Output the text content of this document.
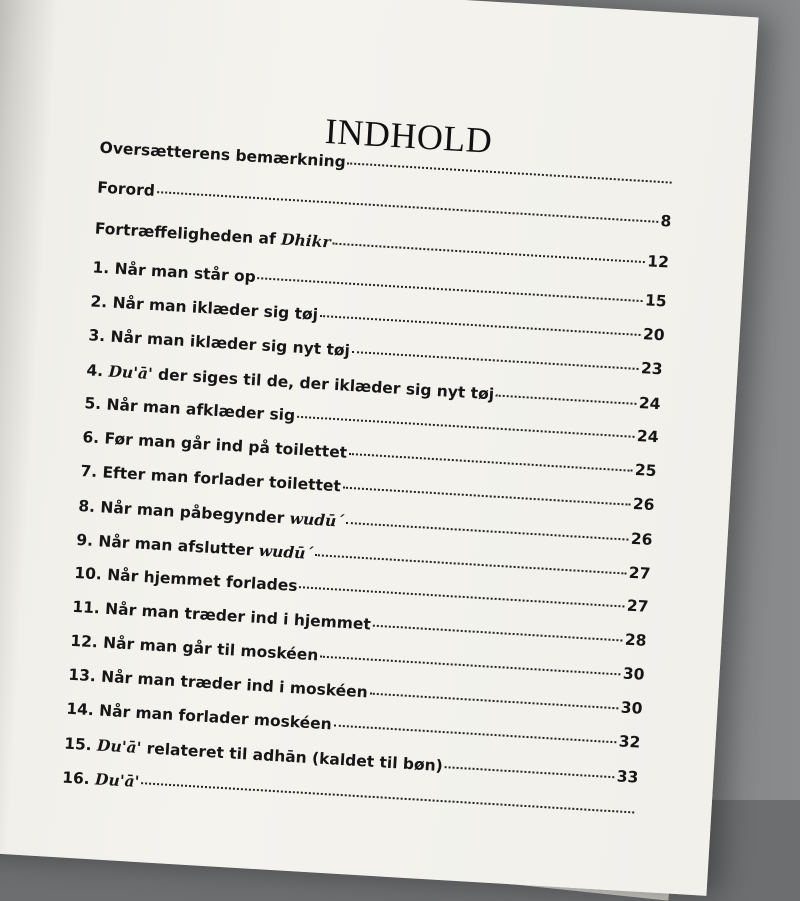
INDHOLD
Oversætterens bemærkning
Forord
8
Fortræffeligheden af Dhikr
12
1. Når man står op
15
2. Når man iklæder sig tøj
20
3. Når man iklæder sig nyt tøj
23
4. Du'ā' der siges til de, der iklæder sig nyt tøj
24
5. Når man afklæder sig
24
6. Før man går ind på toilettet
25
7. Efter man forlader toilettet
26
8. Når man påbegynder wudū´
26
9. Når man afslutter wudū´
27
10. Når hjemmet forlades
27
11. Når man træder ind i hjemmet
28
12. Når man går til moskéen
30
13. Når man træder ind i moskéen
30
14. Når man forlader moskéen
32
15. Du'ā' relateret til adhān (kaldet til bøn)
33
16. Du'ā'
